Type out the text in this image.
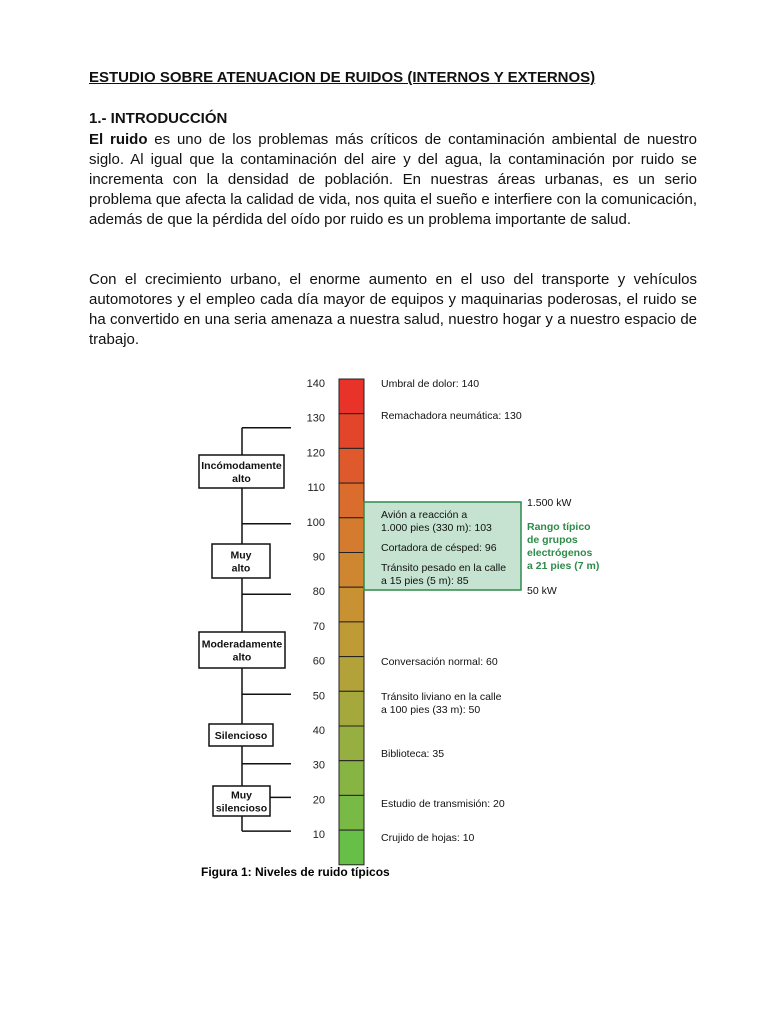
ESTUDIO SOBRE ATENUACION DE RUIDOS (INTERNOS Y EXTERNOS)
1.- INTRODUCCIÓN

El ruido es uno de los problemas más críticos de contaminación ambiental de nuestro siglo. Al igual que la contaminación del aire y del agua, la contaminación por ruido se incrementa con la densidad de población. En nuestras áreas urbanas, es un serio problema que afecta la calidad de vida, nos quita el sueño e interfiere con la comunicación, además de que la pérdida del oído por ruido es un problema importante de salud.

Con el crecimiento urbano, el enorme aumento en el uso del transporte y vehículos automotores y el empleo cada día mayor de equipos y maquinarias poderosas, el ruido se ha convertido en una seria amenaza a nuestra salud, nuestro hogar y a nuestro espacio de trabajo.

140
130
120
110
100
90
80
70
60
50
40
30
20
10
1.500 kW
50 kW
Rango típico de grupos electrógenos a 21 pies (7 m)
Incómodamente alto
Muy alto
Moderadamente alto
Silencioso
Muy silencioso
Umbral de dolor: 140
Remachadora neumática: 130
Avión a reacción a 1.000 pies (330 m): 103
Cortadora de césped: 96
Tránsito pesado en la calle a 15 pies (5 m): 85
Conversación normal: 60
Tránsito liviano en la calle a 100 pies (33 m): 50
Biblioteca: 35
Estudio de transmisión: 20
Crujido de hojas: 10
Figura 1: Niveles de ruido típicos
